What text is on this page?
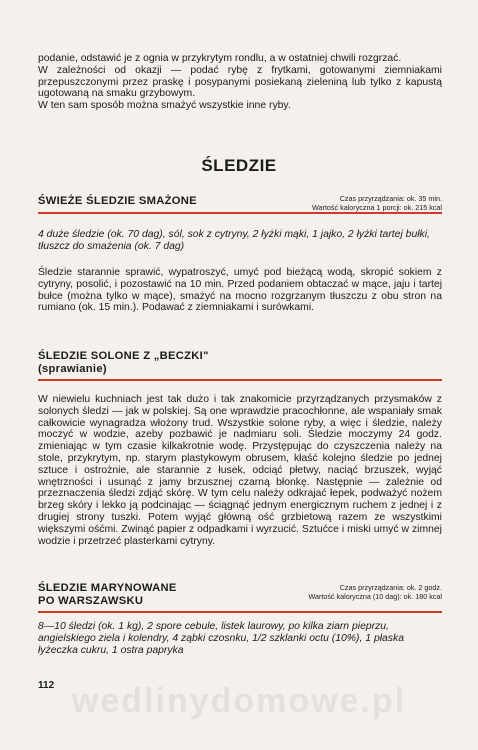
podanie, odstawić je z ognia w przykrytym rondlu, a w ostatniej chwili rozgrzać.

W zależności od okazji — podać rybę z frytkami, gotowanymi ziemniakami przepuszczonymi przez praskę i posypanymi posiekaną zieleniną lub tylko z kapustą ugotowaną na smaku grzybowym.

W ten sam sposób można smażyć wszystkie inne ryby.

ŚLEDZIE
ŚWIEŻE ŚLEDZIE SMAŻONE	Czas przyrządzania: ok. 35 min.
Wartość kaloryczna 1 porcji: ok. 215 kcal
4 duże śledzie (ok. 70 dag), sól, sok z cytryny, 2 łyżki mąki, 1 jajko, 2 łyżki tartej bułki, tłuszcz do smażenia (ok. 7 dag)
Śledzie starannie sprawić, wypatroszyć, umyć pod bieżącą wodą, skropić sokiem z cytryny, posolić, i pozostawić na 10 min. Przed podaniem obtaczać w mące, jaju i tartej bułce (można tylko w mące), smażyć na mocno rozgrzanym tłuszczu z obu stron na rumiano (ok. 15 min.). Podawać z ziemniakami i surówkami.
ŚLEDZIE SOLONE Z „BECZKI"
(sprawianie)
W niewielu kuchniach jest tak dużo i tak znakomicie przyrządzanych przysmaków z solonych śledzi — jak w polskiej. Są one wprawdzie pracochłonne, ale wspaniały smak całkowicie wynagradza włożony trud. Wszystkie solone ryby, a więc i śledzie, należy moczyć w wodzie, azeby pozbawić je nadmiaru soli. Śledzie moczymy 24 godz. zmieniając w tym czasie kilkakrotnie wodę. Przystępując do czyszczenia należy na stole, przykrytym, np. starym plastykowym obrusem, kłaść kolejno śledzie po jednej sztuce i ostrożnie, ale starannie z łusek, odciąć płetwy, naciąć brzuszek, wyjąć wnętrzności i usunąć z jamy brzusznej czarną błonkę. Następnie — zależnie od przeznaczenia śledzi zdjąć skórę. W tym celu należy odkrajać łepek, podważyć nożem brzeg skóry i lekko ją podcinając — ściągnąć jednym energicznym ruchem z jednej i z drugiej strony tuszki. Potem wyjąć główną ość grzbietową razem ze wszystkimi większymi ośćmi. Zwinąć papier z odpadkami i wyrzucić. Sztućce i miski umyć w zimnej wodzie i przetrzeć plasterkami cytryny.
ŚLEDZIE MARYNOWANE
PO WARSZAWSKU
Czas przyrządzania: ok. 2 godz.
Wartość kaloryczna (10 dag): ok. 180 kcal
8—10 śledzi (ok. 1 kg), 2 spore cebule, listek laurowy, po kilka ziarn pieprzu, angielskiego ziela i kolendry, 4 ząbki czosnku, 1/2 szklanki octu (10%), 1 płaska łyżeczka cukru, 1 ostra papryka
wedlinydomowe.pl
112
